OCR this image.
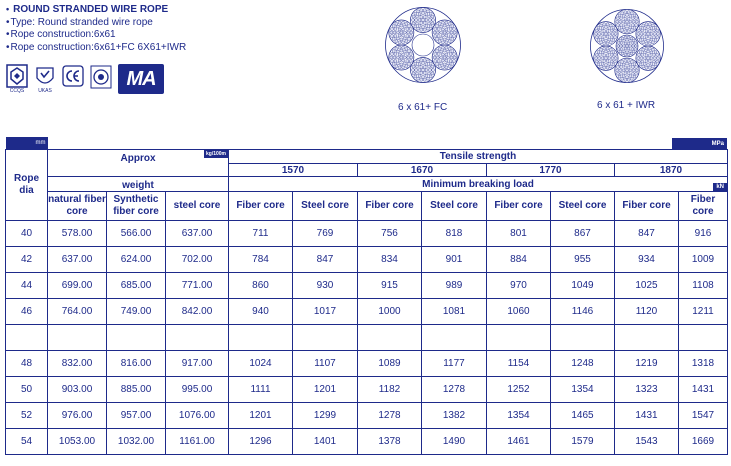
• ROUND STRANDED WIRE ROPE
• Type: Round stranded wire rope
• Rope construction:6x61
• Rope construction:6x61+FC 6X61+IWR
CCQS	UKAS
MA
6 x 61+ FC	6 x 61 + IWR
mm											
Rope dia	Approx kg/100m			Tensile strength
MPa							

				1570		1670		1770		1870	
	weight			Minimum breaking load							
	natural fiber core	Synthetic fiber core	steel core	Fiber core	Steel core	Fiber core	Steel core	Fiber core	Steel core	Fiber core	Fiber core
kN

40	578.00	566.00	637.00	711	769	756	818	801	867	847	916
42	637.00	624.00	702.00	784	847	834	901	884	955	934	1009
44	699.00	685.00	771.00	860	930	915	989	970	1049	1025	1108
46	764.00	749.00	842.00	940	1017	1000	1081	1060	1146	1120	1211

48	832.00	816.00	917.00	1024	1107	1089	1177	1154	1248	1219	1318
50	903.00	885.00	995.00	1111	1201	1182	1278	1252	1354	1323	1431
52	976.00	957.00	1076.00	1201	1299	1278	1382	1354	1465	1431	1547
54	1053.00	1032.00	1161.00	1296	1401	1378	1490	1461	1579	1543	1669
